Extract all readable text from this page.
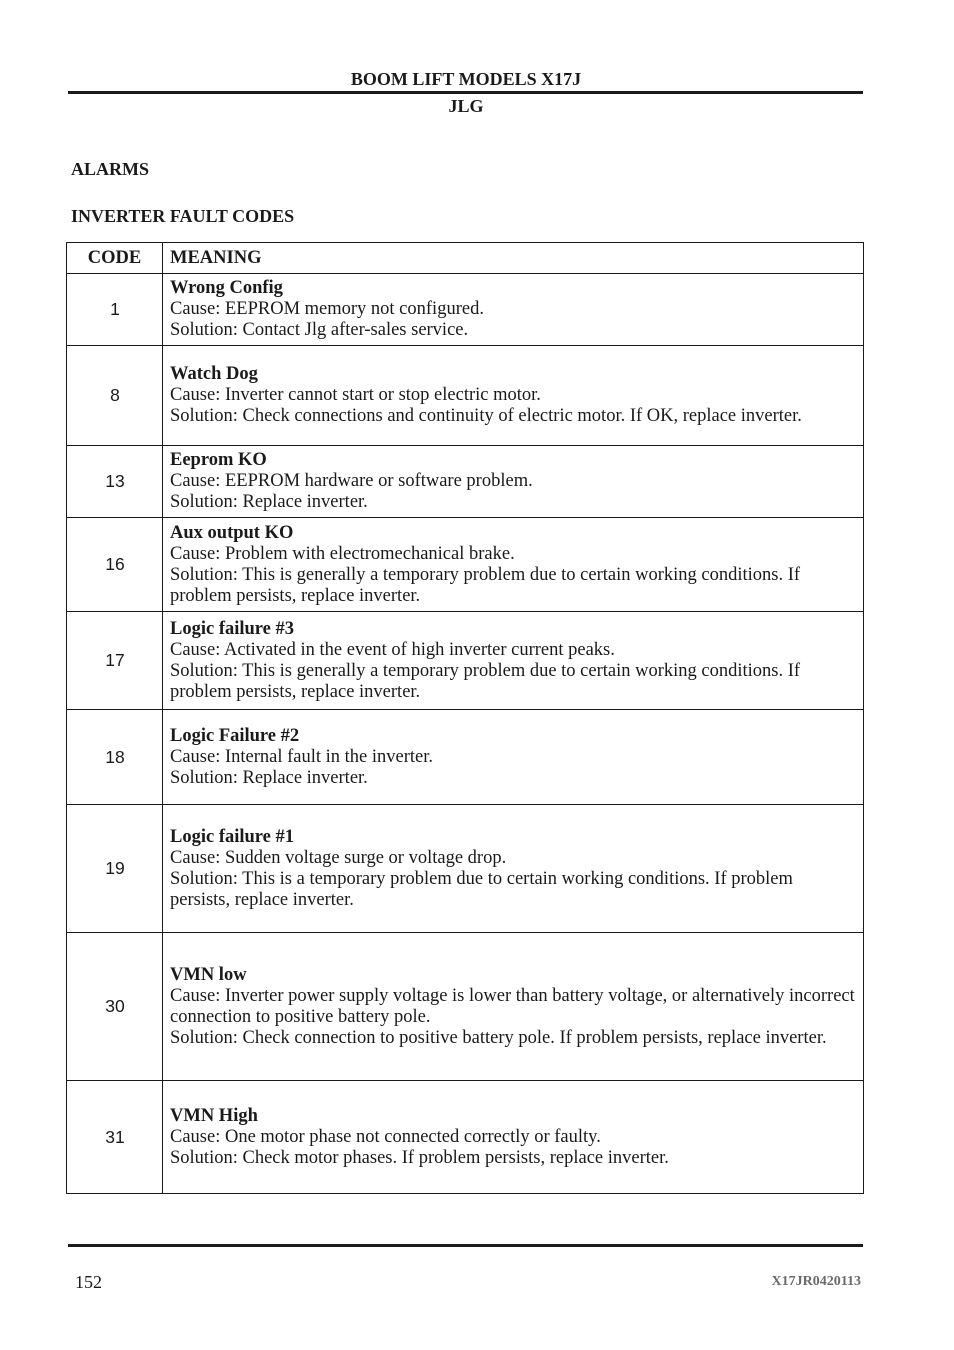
BOOM LIFT MODELS X17J
JLG
ALARMS
INVERTER FAULT CODES
CODE	MEANING
1	Wrong Config
Cause: EEPROM memory not configured.
Solution: Contact Jlg after-sales service.

8	Watch Dog
Cause: Inverter cannot start or stop electric motor.
Solution: Check connections and continuity of electric motor. If OK, replace inverter.

13	Eeprom KO
Cause: EEPROM hardware or software problem.
Solution: Replace inverter.

16	Aux output KO
Cause: Problem with electromechanical brake.
Solution: This is generally a temporary problem due to certain working conditions. If problem persists, replace inverter.

17	Logic failure #3
Cause: Activated in the event of high inverter current peaks.
Solution: This is generally a temporary problem due to certain working conditions. If problem persists, replace inverter.

18	Logic Failure #2
Cause: Internal fault in the inverter.
Solution: Replace inverter.

19	Logic failure #1
Cause: Sudden voltage surge or voltage drop.
Solution: This is a temporary problem due to certain working conditions. If problem persists, replace inverter.

30	VMN low
Cause: Inverter power supply voltage is lower than battery voltage, or alternatively incorrect connection to positive battery pole.
Solution: Check connection to positive battery pole. If problem persists, replace inverter.

31	VMN High
Cause: One motor phase not connected correctly or faulty.
Solution: Check motor phases. If problem persists, replace inverter.
152	X17JR0420113
